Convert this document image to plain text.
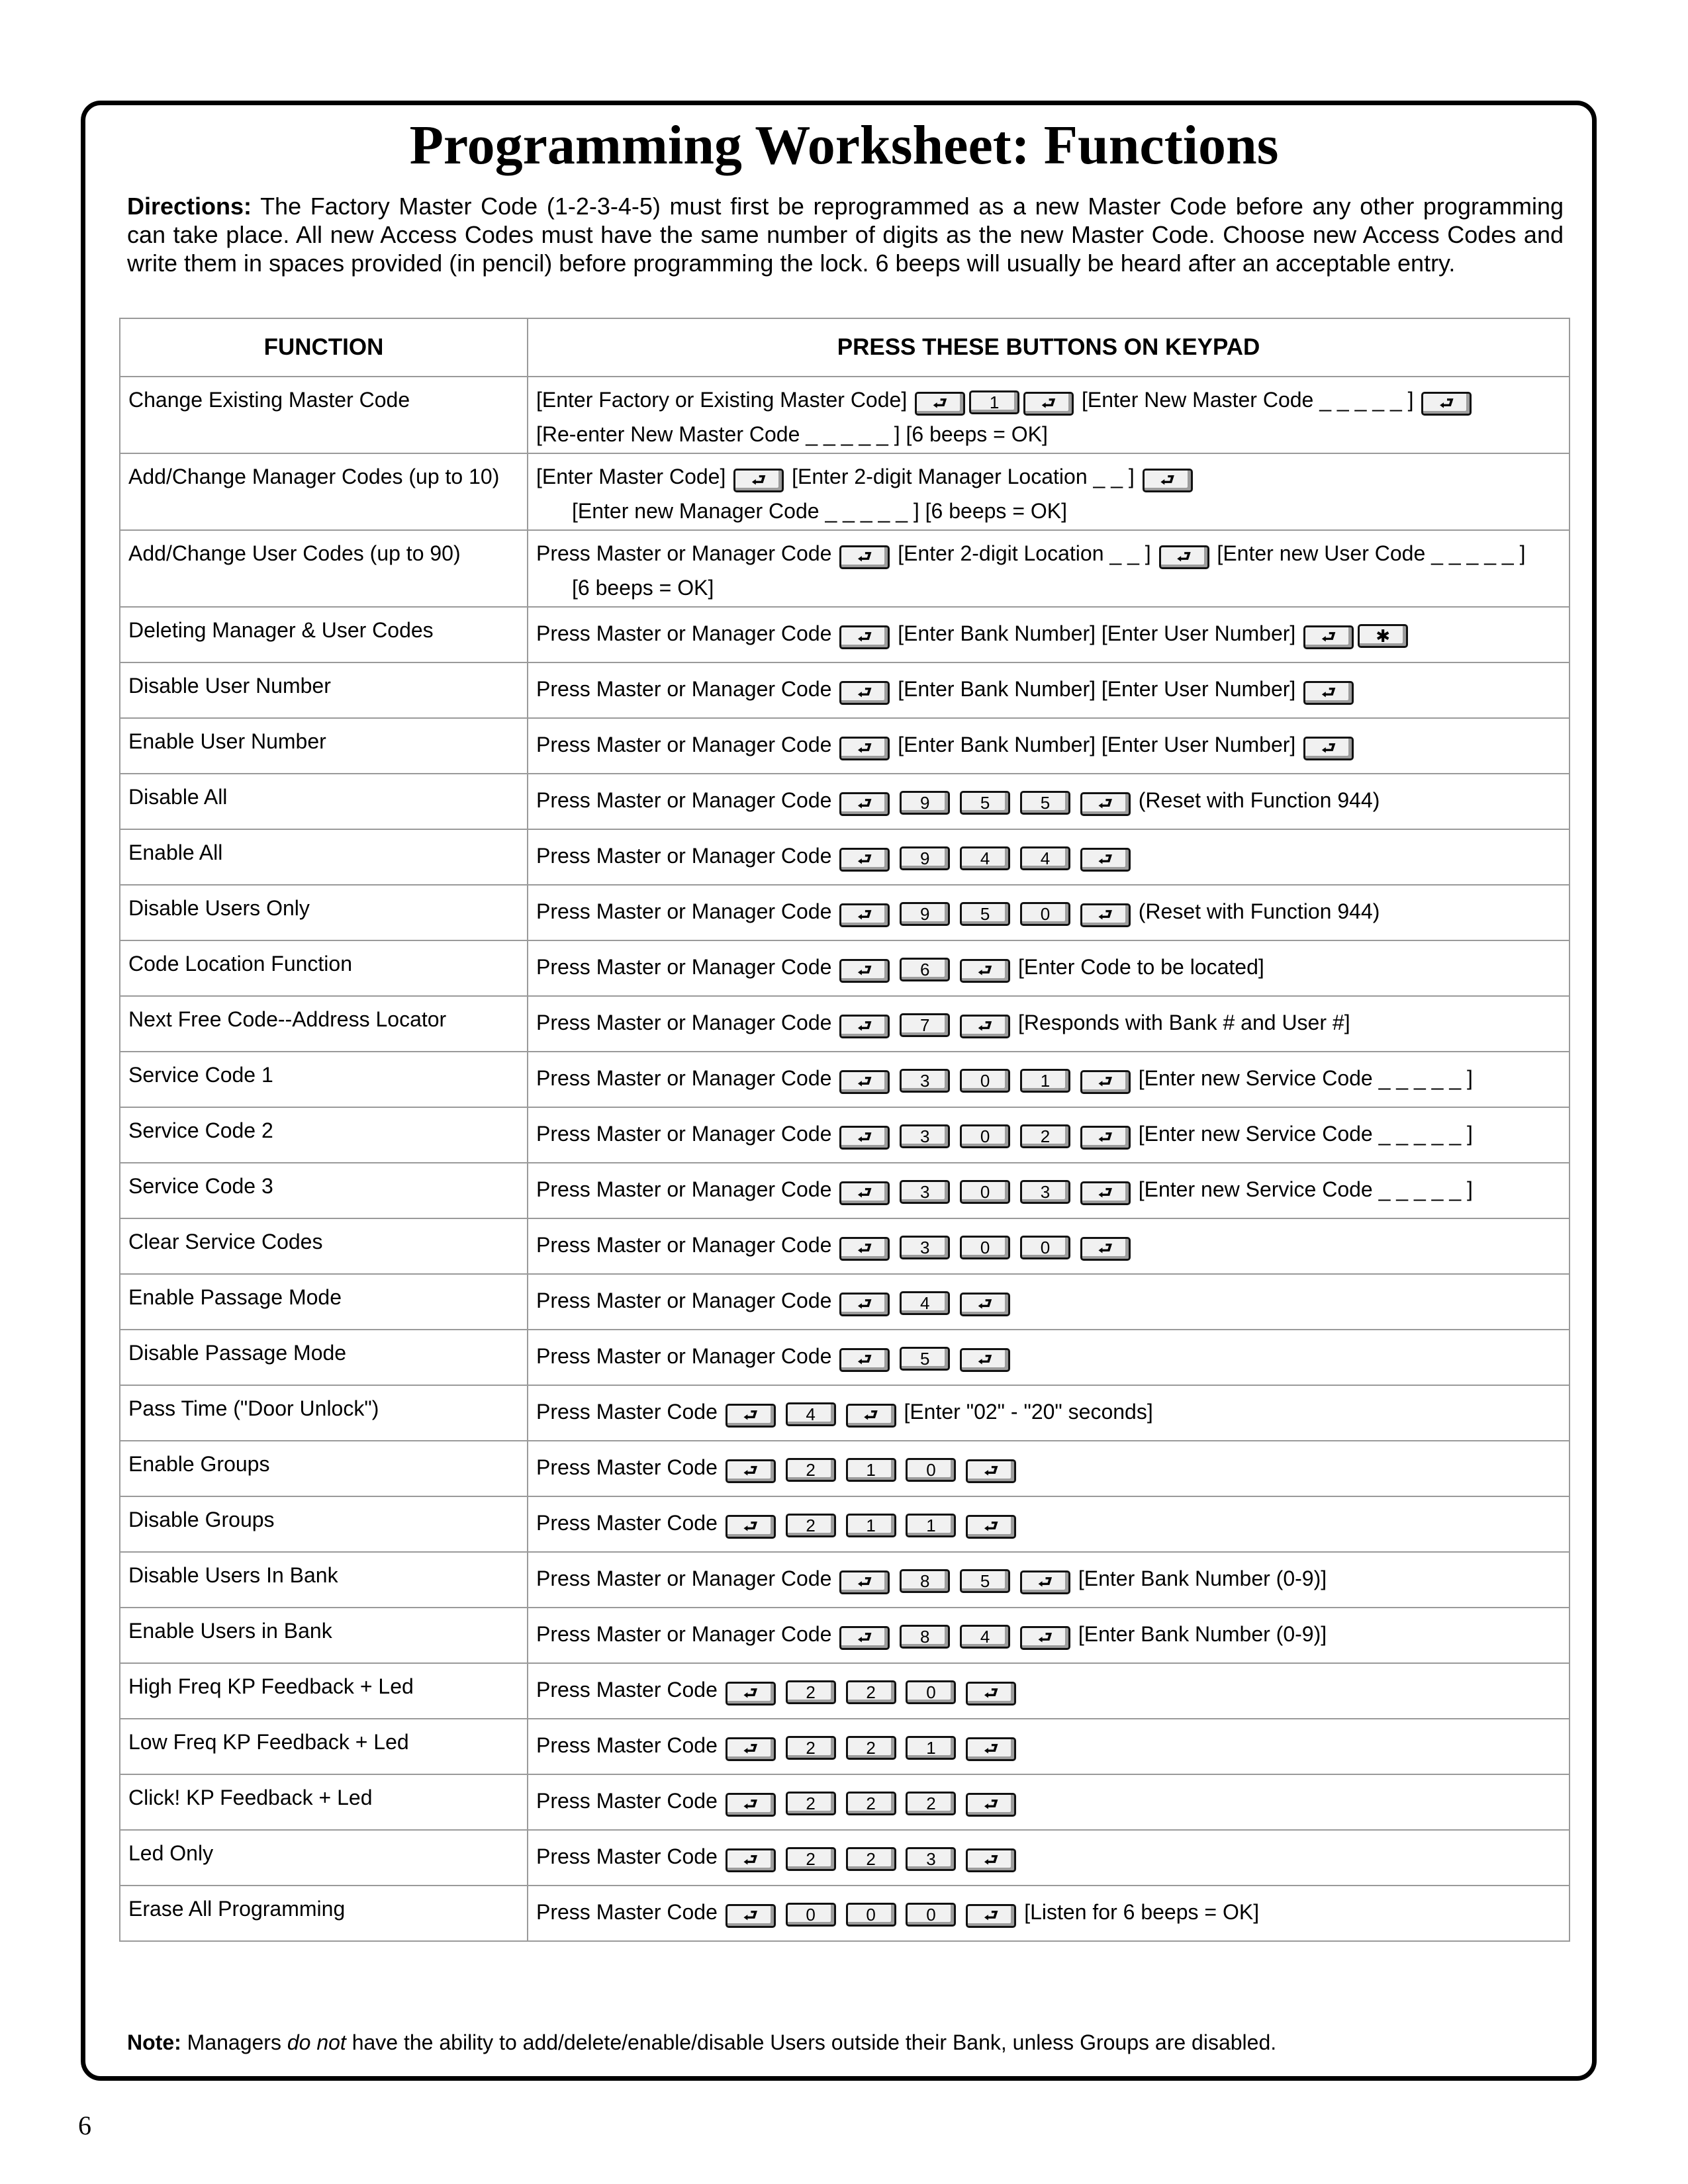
Programming Worksheet: Functions

Directions: The Factory Master Code (1-2-3-4-5) must first be reprogrammed as a new Master Code before any other programming can take place. All new Access Codes must have the same number of digits as the new Master Code. Choose new Access Codes and write them in spaces provided (in pencil) before programming the lock. 6 beeps will usually be heard after an acceptable entry.

FUNCTION	PRESS THESE BUTTONS ON KEYPAD
Change Existing Master Code	[Enter Factory or Existing Master Code] ⮐ 1 ⮐ [Enter New Master Code _ _ _ _ _ ] ⮐
[Re-enter New Master Code _ _ _ _ _ ] [6 beeps = OK]

Add/Change Manager Codes (up to 10)	[Enter Master Code] ⮐ [Enter 2-digit Manager Location _ _ ] ⮐
[Enter new Manager Code _ _ _ _ _ ] [6 beeps = OK]

Add/Change User Codes (up to 90)	Press Master or Manager Code ⮐ [Enter 2-digit Location _ _ ] ⮐ [Enter new User Code _ _ _ _ _ ]
[6 beeps = OK]

Deleting Manager & User Codes	Press Master or Manager Code ⮐ [Enter Bank Number] [Enter User Number] ⮐ ✱
Disable User Number	Press Master or Manager Code ⮐ [Enter Bank Number] [Enter User Number] ⮐
Enable User Number	Press Master or Manager Code ⮐ [Enter Bank Number] [Enter User Number] ⮐
Disable All	Press Master or Manager Code ⮐ 9 5 5 ⮐ (Reset with Function 944)
Enable All	Press Master or Manager Code ⮐ 9 4 4 ⮐
Disable Users Only	Press Master or Manager Code ⮐ 9 5 0 ⮐ (Reset with Function 944)
Code Location Function	Press Master or Manager Code ⮐ 6 ⮐ [Enter Code to be located]
Next Free Code--Address Locator	Press Master or Manager Code ⮐ 7 ⮐ [Responds with Bank # and User #]
Service Code 1	Press Master or Manager Code ⮐ 3 0 1 ⮐ [Enter new Service Code _ _ _ _ _ ]
Service Code 2	Press Master or Manager Code ⮐ 3 0 2 ⮐ [Enter new Service Code _ _ _ _ _ ]
Service Code 3	Press Master or Manager Code ⮐ 3 0 3 ⮐ [Enter new Service Code _ _ _ _ _ ]
Clear Service Codes	Press Master or Manager Code ⮐ 3 0 0 ⮐
Enable Passage Mode	Press Master or Manager Code ⮐ 4 ⮐
Disable Passage Mode	Press Master or Manager Code ⮐ 5 ⮐
Pass Time ("Door Unlock")	Press Master Code ⮐ 4 ⮐ [Enter "02" - "20" seconds]
Enable Groups	Press Master Code ⮐ 2 1 0 ⮐
Disable Groups	Press Master Code ⮐ 2 1 1 ⮐
Disable Users In Bank	Press Master or Manager Code ⮐ 8 5 ⮐ [Enter Bank Number (0-9)]
Enable Users in Bank	Press Master or Manager Code ⮐ 8 4 ⮐ [Enter Bank Number (0-9)]
High Freq KP Feedback + Led	Press Master Code ⮐ 2 2 0 ⮐
Low Freq KP Feedback + Led	Press Master Code ⮐ 2 2 1 ⮐
Click! KP Feedback + Led	Press Master Code ⮐ 2 2 2 ⮐
Led Only	Press Master Code ⮐ 2 2 3 ⮐
Erase All Programming	Press Master Code ⮐ 0 0 0 ⮐ [Listen for 6 beeps = OK]

Note: Managers do not have the ability to add/delete/enable/disable Users outside their Bank, unless Groups are disabled.

6
